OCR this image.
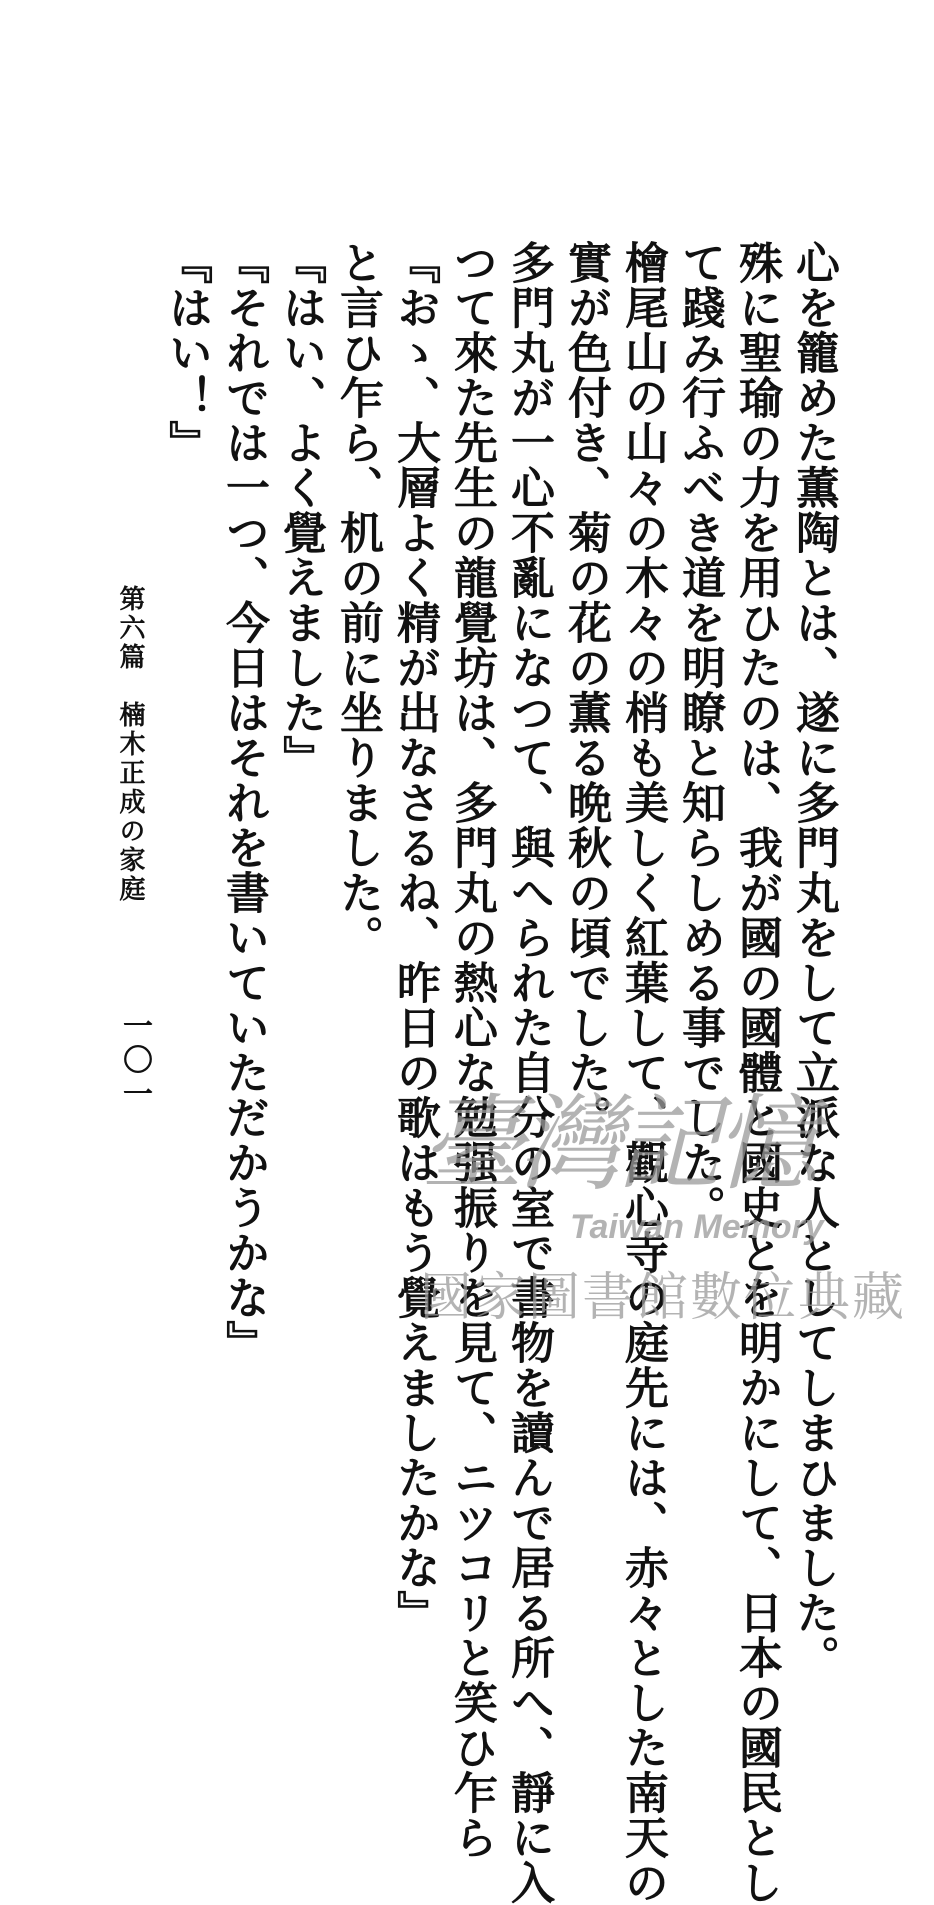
心を籠めた薫陶とは、遂に多門丸をして立派な人としてしまひました。
殊に聖瑜の力を用ひたのは、我が國の國體と國史とを明かにして、日本の國民とし
て踐み行ふべき道を明瞭と知らしめる事でした。
檜尾山の山々の木々の梢も美しく紅葉して、觀心寺の庭先には、赤々とした南天の
實が色付き、菊の花の薫る晩秋の頃でした。
多門丸が一心不亂になつて、與へられた自分の室で書物を讀んで居る所へ、靜に入
つて來た先生の龍覺坊は、多門丸の熱心な勉强振りを見て、ニツコリと笑ひ乍ら
『おゝ、大層よく精が出なさるね、昨日の歌はもう覺えましたかな』
と言ひ乍ら、机の前に坐りました。
『はい、よく覺えました』
『それでは一つ、今日はそれを書いていただかうかな』
『はい！』
第六篇　楠木正成の家庭
一〇一
臺灣記憶
Taiwan Memory
國家圖書館數位典藏
